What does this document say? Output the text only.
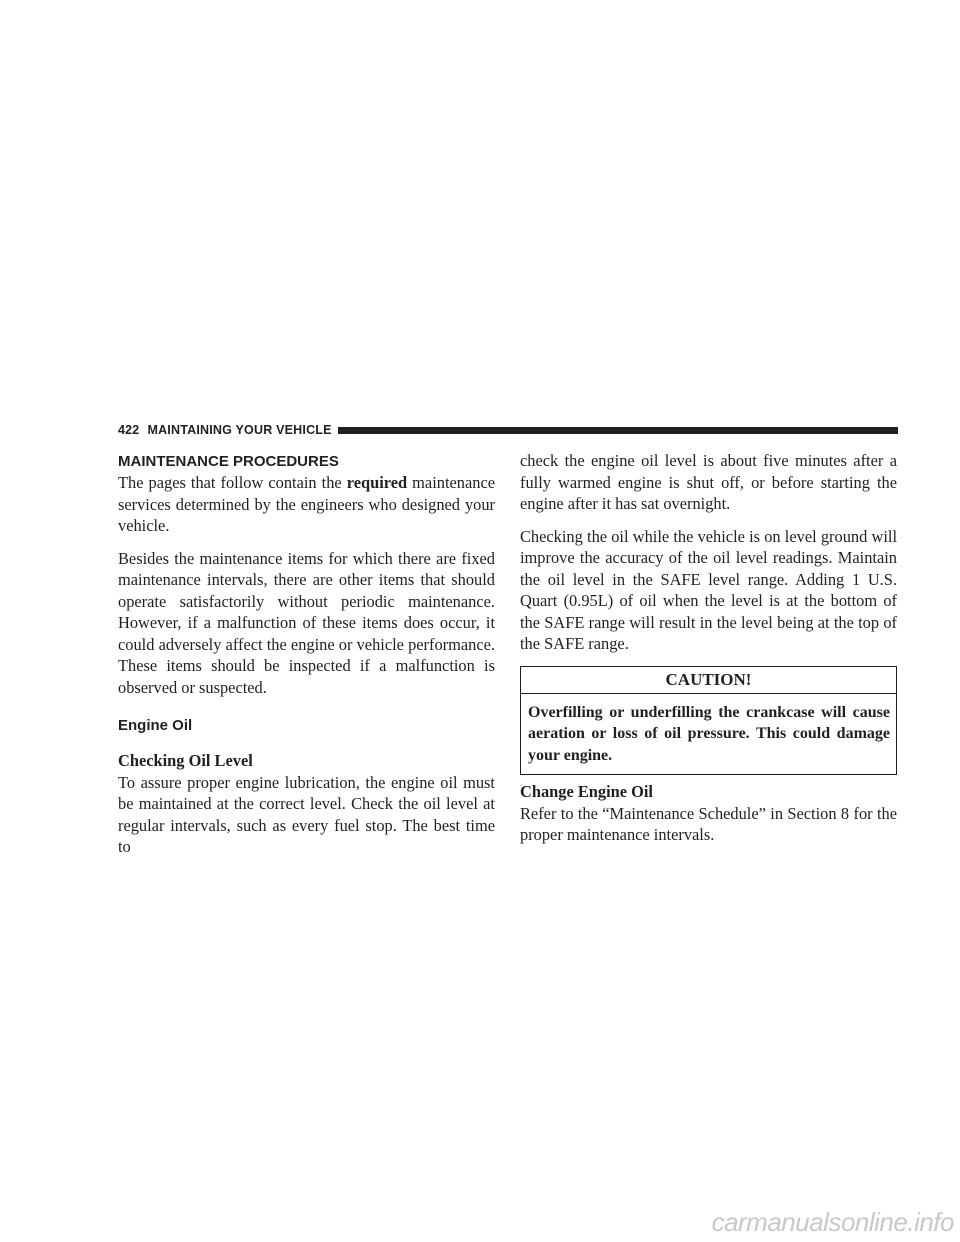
422 MAINTAINING YOUR VEHICLE
MAINTENANCE PROCEDURES

The pages that follow contain the required maintenance services determined by the engineers who designed your vehicle.

Besides the maintenance items for which there are fixed maintenance intervals, there are other items that should operate satisfactorily without periodic maintenance. However, if a malfunction of these items does occur, it could adversely affect the engine or vehicle performance. These items should be inspected if a malfunction is observed or suspected.

Engine Oil
Checking Oil Level

To assure proper engine lubrication, the engine oil must be maintained at the correct level. Check the oil level at regular intervals, such as every fuel stop. The best time to

check the engine oil level is about five minutes after a fully warmed engine is shut off, or before starting the engine after it has sat overnight.

Checking the oil while the vehicle is on level ground will improve the accuracy of the oil level readings. Maintain the oil level in the SAFE level range. Adding 1 U.S. Quart (0.95L) of oil when the level is at the bottom of the SAFE range will result in the level being at the top of the SAFE range.

CAUTION!
Overfilling or underfilling the crankcase will cause aeration or loss of oil pressure. This could damage your engine.
Change Engine Oil

Refer to the “Maintenance Schedule” in Section 8 for the proper maintenance intervals.

carmanualsonline.info
